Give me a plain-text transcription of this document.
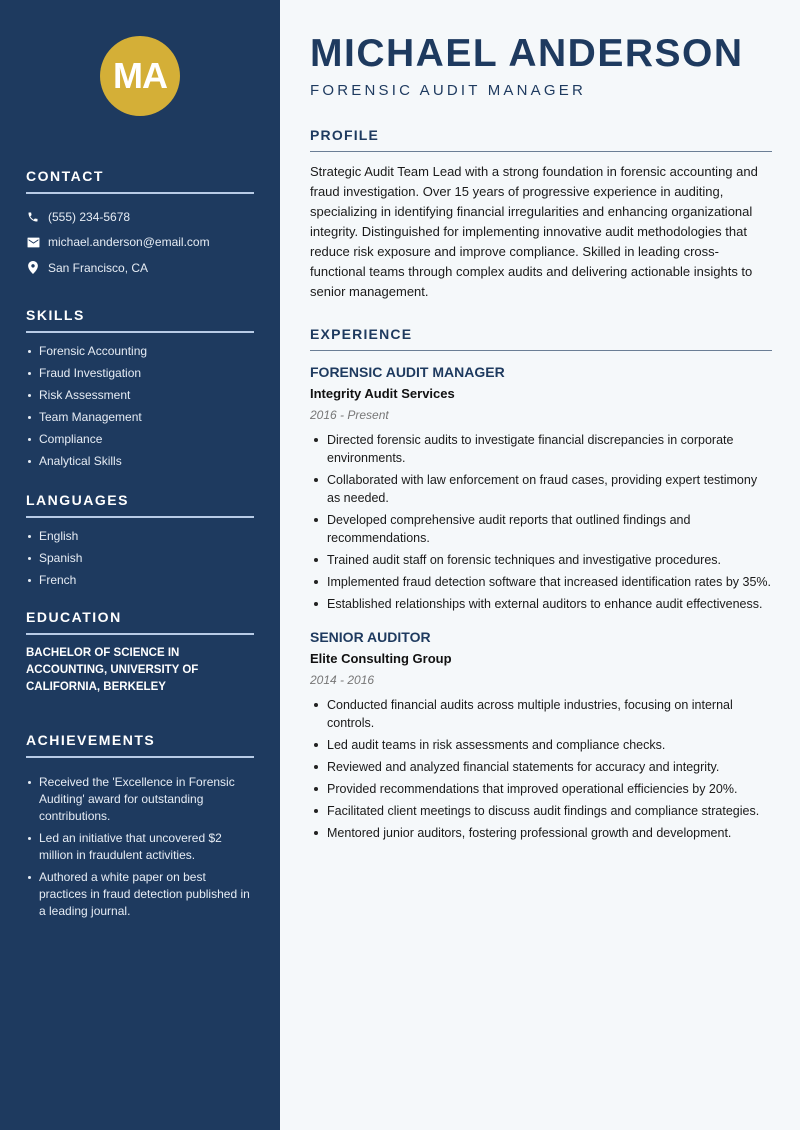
MA
CONTACT
(555) 234-5678
michael.anderson@email.com
San Francisco, CA
SKILLS
Forensic Accounting
Fraud Investigation
Risk Assessment
Team Management
Compliance
Analytical Skills
LANGUAGES
English
Spanish
French
EDUCATION

BACHELOR OF SCIENCE IN ACCOUNTING, UNIVERSITY OF CALIFORNIA, BERKELEY

ACHIEVEMENTS
Received the 'Excellence in Forensic Auditing' award for outstanding contributions.
Led an initiative that uncovered $2 million in fraudulent activities.
Authored a white paper on best practices in fraud detection published in a leading journal.
MICHAEL ANDERSON
FORENSIC AUDIT MANAGER
PROFILE

Strategic Audit Team Lead with a strong foundation in forensic accounting and fraud investigation. Over 15 years of progressive experience in auditing, specializing in identifying financial irregularities and enhancing organizational integrity. Distinguished for implementing innovative audit methodologies that reduce risk exposure and improve compliance. Skilled in leading cross-functional teams through complex audits and delivering actionable insights to senior management.

EXPERIENCE
FORENSIC AUDIT MANAGER
Integrity Audit Services
2016 - Present
Directed forensic audits to investigate financial discrepancies in corporate environments.
Collaborated with law enforcement on fraud cases, providing expert testimony as needed.
Developed comprehensive audit reports that outlined findings and recommendations.
Trained audit staff on forensic techniques and investigative procedures.
Implemented fraud detection software that increased identification rates by 35%.
Established relationships with external auditors to enhance audit effectiveness.
SENIOR AUDITOR
Elite Consulting Group
2014 - 2016
Conducted financial audits across multiple industries, focusing on internal controls.
Led audit teams in risk assessments and compliance checks.
Reviewed and analyzed financial statements for accuracy and integrity.
Provided recommendations that improved operational efficiencies by 20%.
Facilitated client meetings to discuss audit findings and compliance strategies.
Mentored junior auditors, fostering professional growth and development.
